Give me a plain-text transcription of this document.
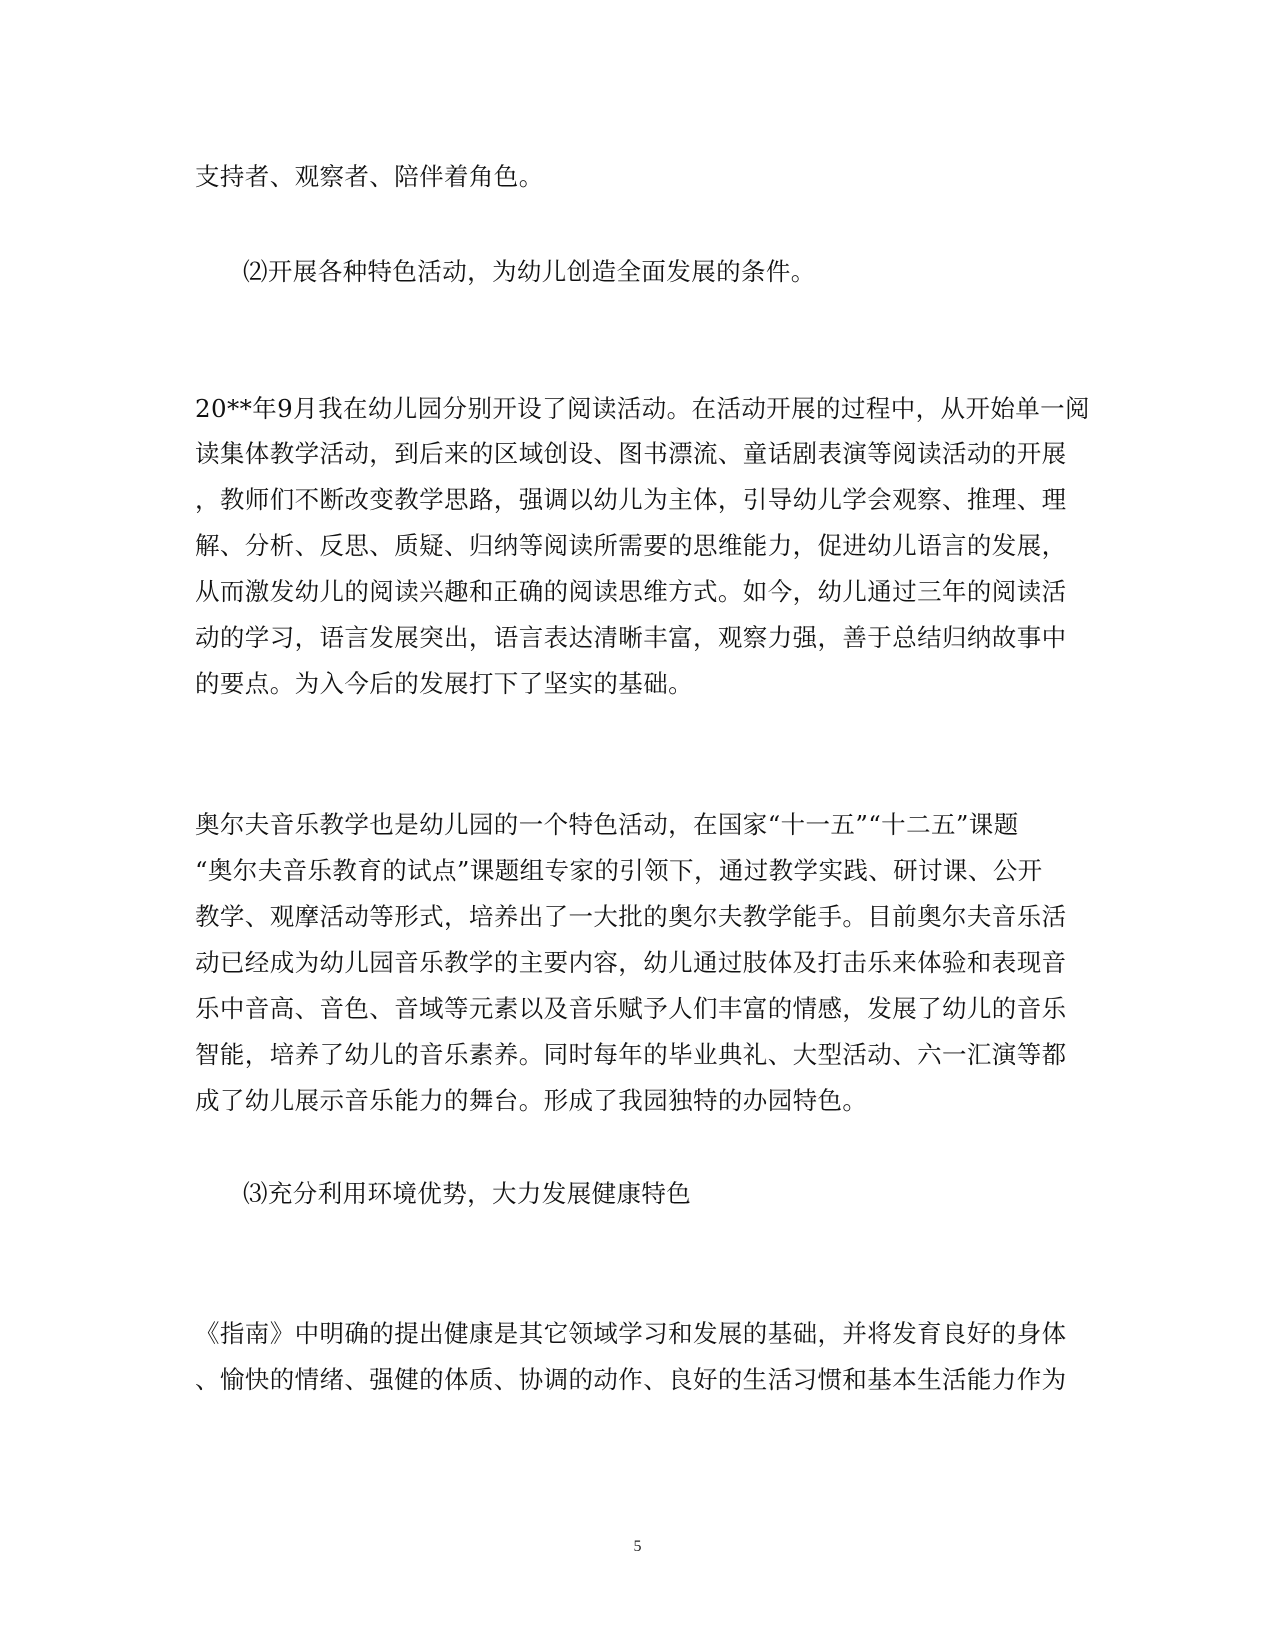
支持者、观察者、陪伴着角色。
⑵开展各种特色活动，为幼儿创造全面发展的条件。
20**年9月我在幼儿园分别开设了阅读活动。在活动开展的过程中，从开始单一阅
读集体教学活动，到后来的区域创设、图书漂流、童话剧表演等阅读活动的开展
，教师们不断改变教学思路，强调以幼儿为主体，引导幼儿学会观察、推理、理
解、分析、反思、质疑、归纳等阅读所需要的思维能力，促进幼儿语言的发展，
从而激发幼儿的阅读兴趣和正确的阅读思维方式。如今，幼儿通过三年的阅读活
动的学习，语言发展突出，语言表达清晰丰富，观察力强，善于总结归纳故事中
的要点。为入今后的发展打下了坚实的基础。
奥尔夫音乐教学也是幼儿园的一个特色活动，在国家“十一五”“十二五”课题
“奥尔夫音乐教育的试点”课题组专家的引领下，通过教学实践、研讨课、公开
教学、观摩活动等形式，培养出了一大批的奥尔夫教学能手。目前奥尔夫音乐活
动已经成为幼儿园音乐教学的主要内容，幼儿通过肢体及打击乐来体验和表现音
乐中音高、音色、音域等元素以及音乐赋予人们丰富的情感，发展了幼儿的音乐
智能，培养了幼儿的音乐素养。同时每年的毕业典礼、大型活动、六一汇演等都
成了幼儿展示音乐能力的舞台。形成了我园独特的办园特色。
⑶充分利用环境优势，大力发展健康特色
《指南》中明确的提出健康是其它领域学习和发展的基础，并将发育良好的身体
、愉快的情绪、强健的体质、协调的动作、良好的生活习惯和基本生活能力作为
5
